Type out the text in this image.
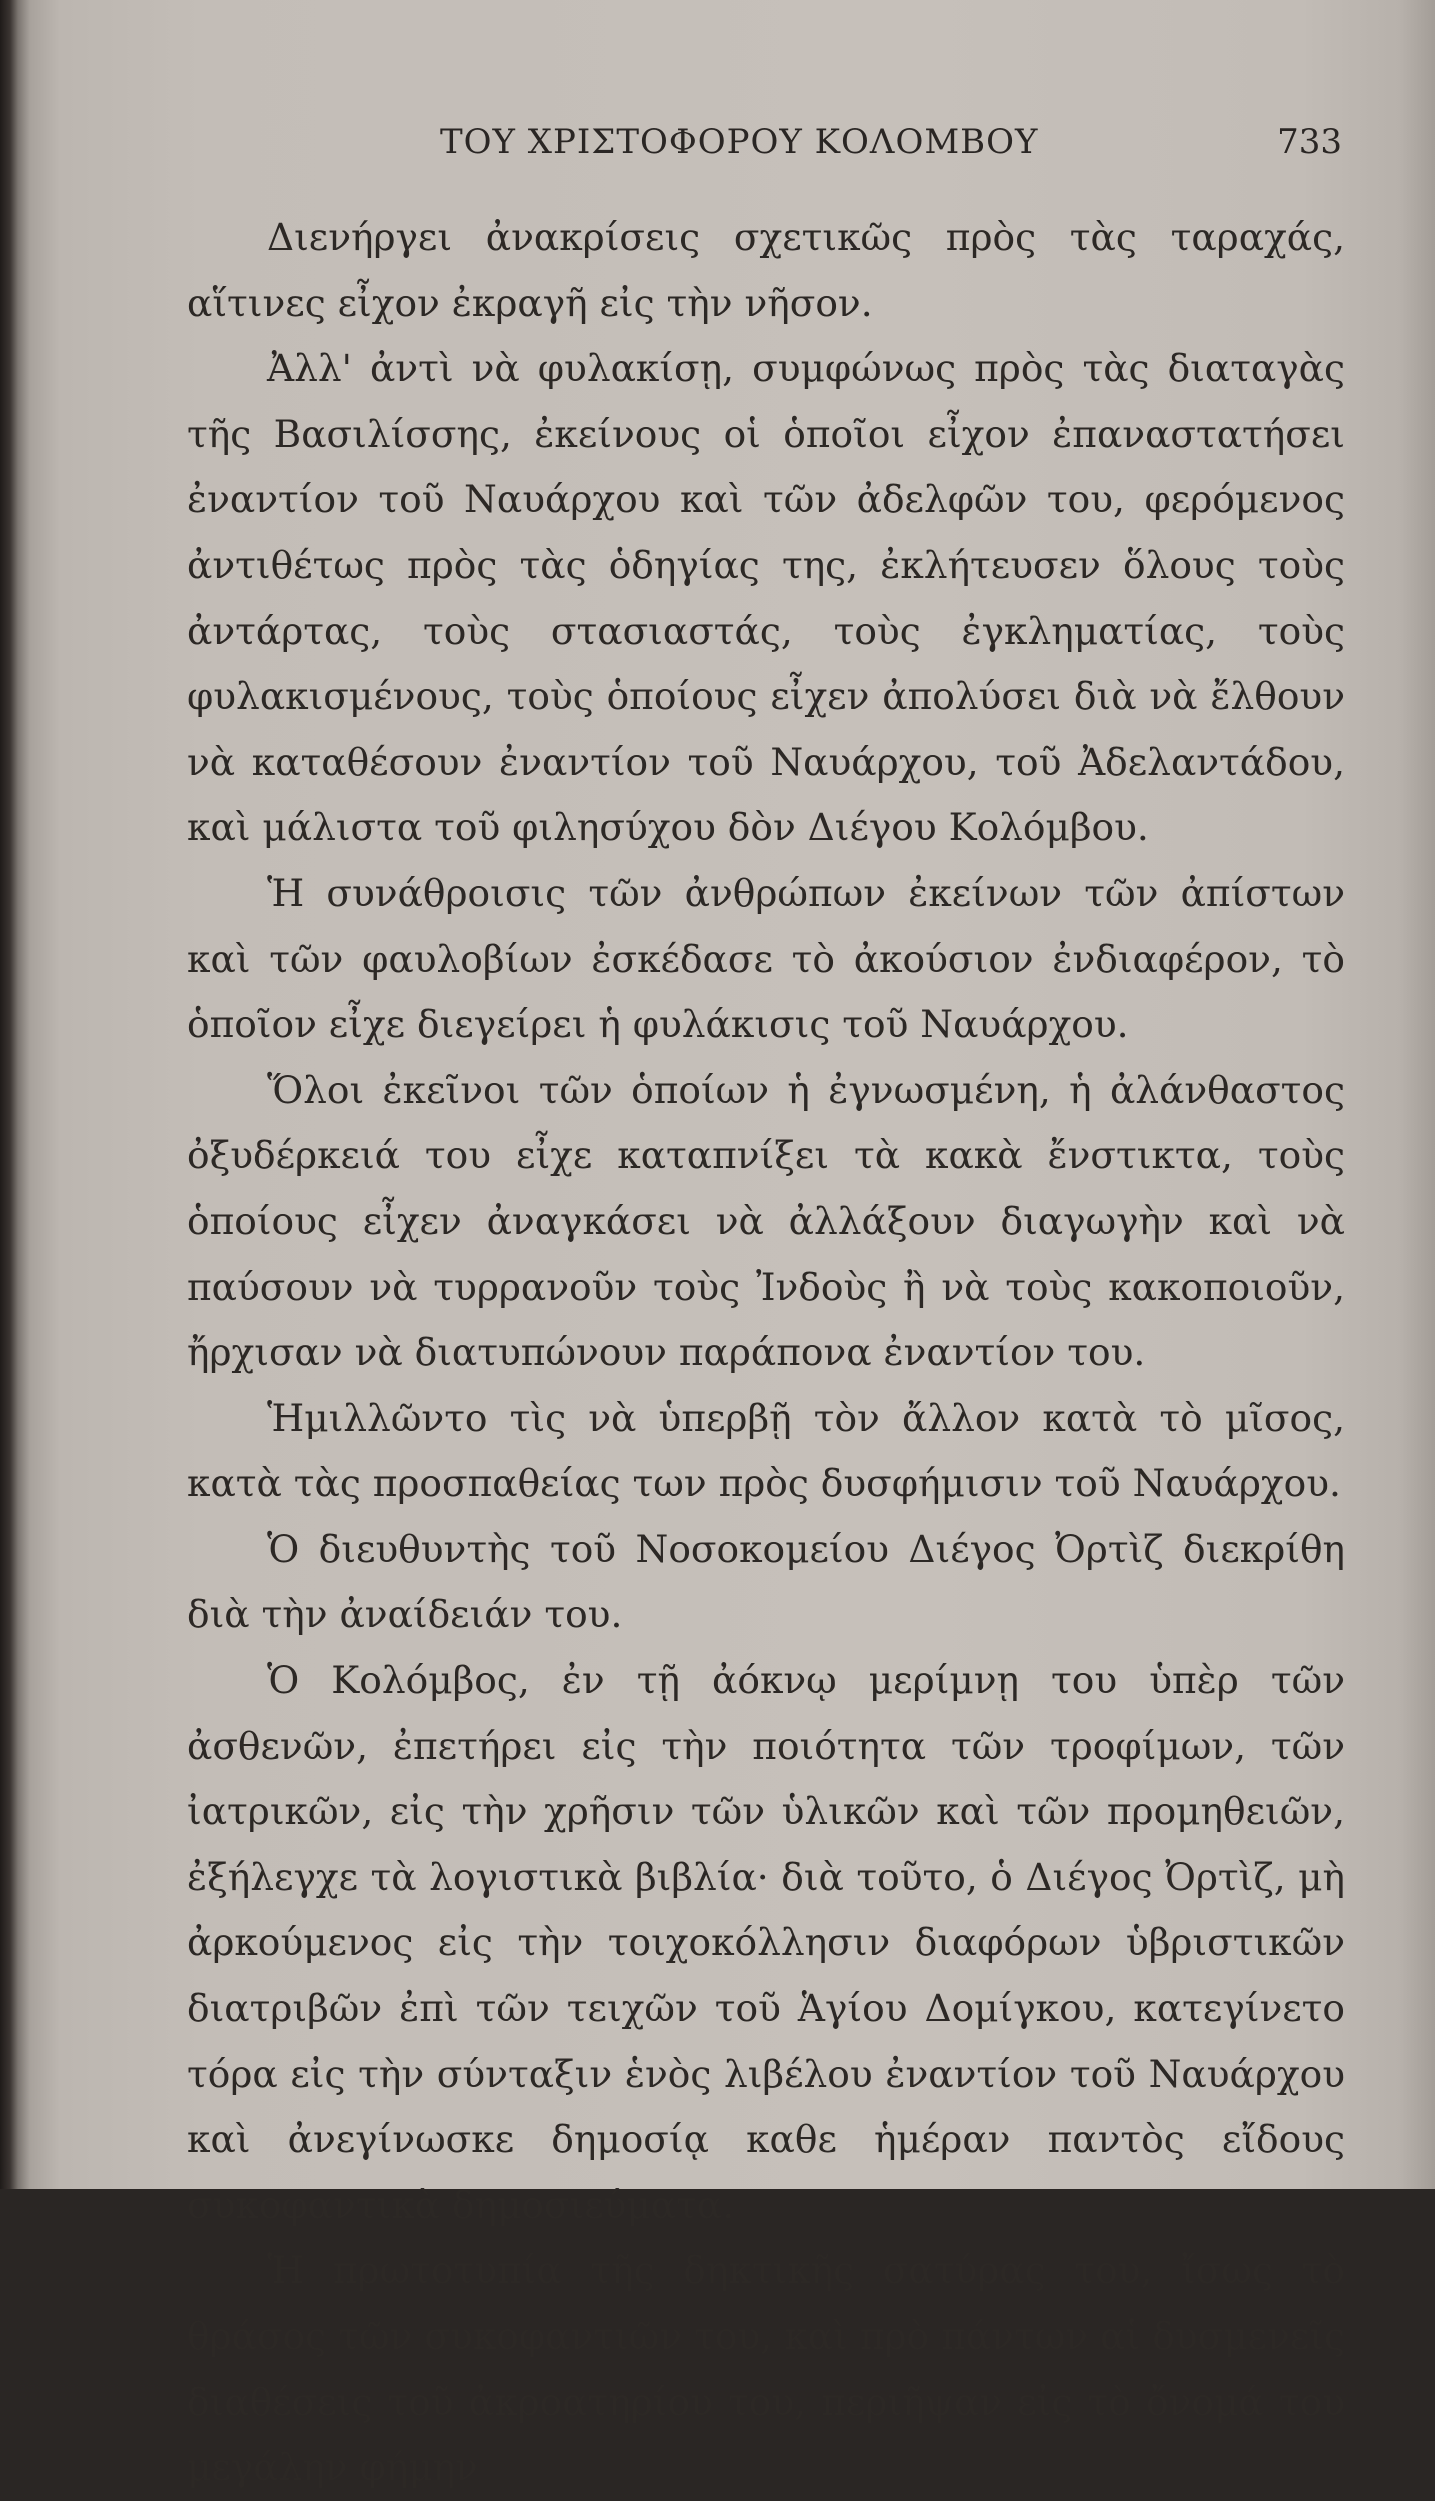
ΤΟΥ ΧΡΙΣΤΟΦΟΡΟΥ ΚΟΛΟΜΒΟΥ	733

Διενήργει ἀνακρίσεις σχετικῶς πρὸς τὰς ταραχάς, αἵτινες εἶχον ἐκραγῆ εἰς τὴν νῆσον.

Ἀλλ' ἀντὶ νὰ φυλακίσῃ, συμφώνως πρὸς τὰς διαταγὰς τῆς Βασιλίσσης, ἐκείνους οἱ ὁποῖοι εἶχον ἐπαναστατήσει ἐναντίον τοῦ Ναυάρχου καὶ τῶν ἀδελφῶν του, φερόμενος ἀντιθέτως πρὸς τὰς ὁδηγίας της, ἐκλήτευσεν ὅλους τοὺς ἀντάρτας, τοὺς στασιαστάς, τοὺς ἐγκληματίας, τοὺς φυλακισμένους, τοὺς ὁποίους εἶχεν ἀπολύσει διὰ νὰ ἔλθουν νὰ καταθέσουν ἐναντίον τοῦ Ναυάρχου, τοῦ Ἀδελαντάδου, καὶ μάλιστα τοῦ φιλησύχου δὸν Διέγου Κολόμβου.

Ἡ συνάθροισις τῶν ἀνθρώπων ἐκείνων τῶν ἀπίστων καὶ τῶν φαυλοβίων ἐσκέδασε τὸ ἀκούσιον ἐνδιαφέρον, τὸ ὁποῖον εἶχε διεγείρει ἡ φυλάκισις τοῦ Ναυάρχου.

Ὅλοι ἐκεῖνοι τῶν ὁποίων ἡ ἐγνωσμένη, ἡ ἀλάνθαστος ὀξυδέρκειά του εἶχε καταπνίξει τὰ κακὰ ἔνστικτα, τοὺς ὁποίους εἶχεν ἀναγκάσει νὰ ἀλλάξουν διαγωγὴν καὶ νὰ παύσουν νὰ τυρρανοῦν τοὺς Ἰνδοὺς ἢ νὰ τοὺς κακοποιοῦν, ἤρχισαν νὰ διατυπώνουν παράπονα ἐναντίον του.

Ἡμιλλῶντο τὶς νὰ ὑπερβῇ τὸν ἄλλον κατὰ τὸ μῖσος, κατὰ τὰς προσπαθείας των πρὸς δυσφήμισιν τοῦ Ναυάρχου.

Ὁ διευθυντὴς τοῦ Νοσοκομείου Διέγος Ὀρτὶζ διεκρίθη διὰ τὴν ἀναίδειάν του.

Ὁ Κολόμβος, ἐν τῇ ἀόκνῳ μερίμνῃ του ὑπὲρ τῶν ἀσθενῶν, ἐπετήρει εἰς τὴν ποιότητα τῶν τροφίμων, τῶν ἰατρικῶν, εἰς τὴν χρῆσιν τῶν ὑλικῶν καὶ τῶν προμηθειῶν, ἐξήλεγχε τὰ λογιστικὰ βιβλία· διὰ τοῦτο, ὁ Διέγος Ὀρτὶζ, μὴ ἀρκούμενος εἰς τὴν τοιχοκόλλησιν διαφόρων ὑβριστικῶν διατριβῶν ἐπὶ τῶν τειχῶν τοῦ Ἁγίου Δομίγκου, κατεγίνετο τόρα εἰς τὴν σύνταξιν ἑνὸς λιβέλου ἐναντίον τοῦ Ναυάρχου καὶ ἀνεγίνωσκε δημοσίᾳ καθε ἡμέραν παντὸς εἴδους συκοφαντικὰ δημοσιεύματα.

Ἡ πρωτοτυπία τῆς δηκτικῆς σατύρας του, ἴσως τὸ θράσος τῶν συκοφαντιῶν του, καὶ πρὸ πάντων αἱ δυσμενεῖς διαθέσεις τοῦ ἀκροατηρίου του, περιῆψαν εἰς τὸ ὄνομά του μεγάλην φήμην
